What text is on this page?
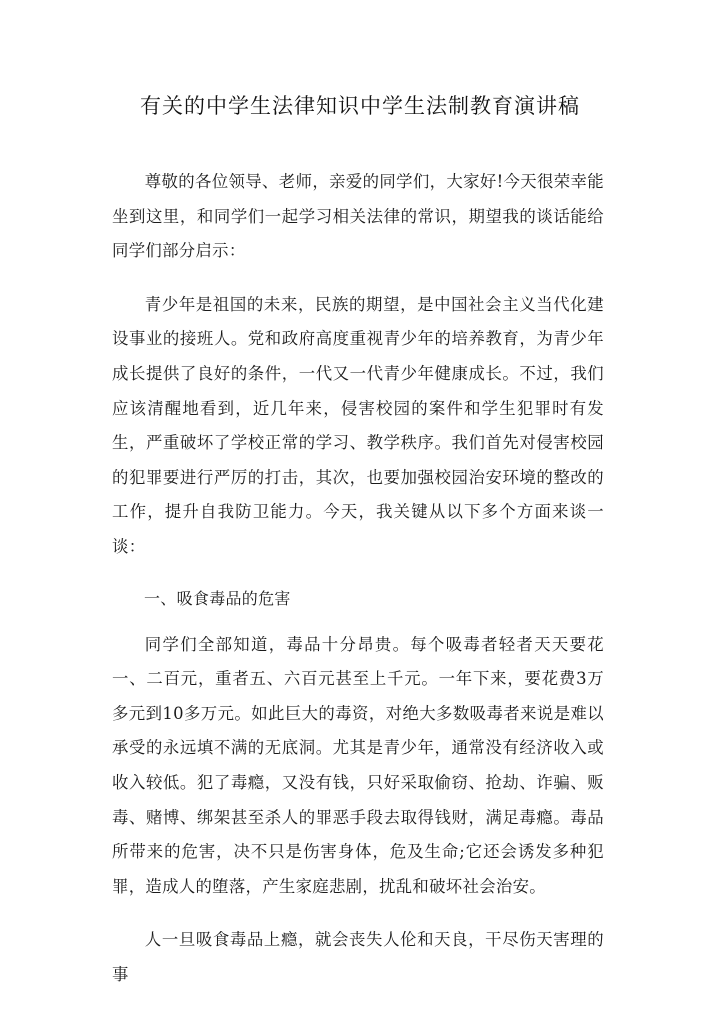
有关的中学生法律知识中学生法制教育演讲稿

尊敬的各位领导、老师，亲爱的同学们，大家好!今天很荣幸能坐到这里，和同学们一起学习相关法律的常识，期望我的谈话能给同学们部分启示：

青少年是祖国的未来，民族的期望，是中国社会主义当代化建设事业的接班人。党和政府高度重视青少年的培养教育，为青少年成长提供了良好的条件，一代又一代青少年健康成长。不过，我们应该清醒地看到，近几年来，侵害校园的案件和学生犯罪时有发生，严重破坏了学校正常的学习、教学秩序。我们首先对侵害校园的犯罪要进行严厉的打击，其次，也要加强校园治安环境的整改的工作，提升自我防卫能力。今天，我关键从以下多个方面来谈一谈：

一、吸食毒品的危害

同学们全部知道，毒品十分昂贵。每个吸毒者轻者天天要花一、二百元，重者五、六百元甚至上千元。一年下来，要花费3万多元到10多万元。如此巨大的毒资，对绝大多数吸毒者来说是难以承受的永远填不满的无底洞。尤其是青少年，通常没有经济收入或收入较低。犯了毒瘾，又没有钱，只好采取偷窃、抢劫、诈骗、贩毒、赌博、绑架甚至杀人的罪恶手段去取得钱财，满足毒瘾。毒品所带来的危害，决不只是伤害身体，危及生命;它还会诱发多种犯罪，造成人的堕落，产生家庭悲剧，扰乱和破坏社会治安。

人一旦吸食毒品上瘾，就会丧失人伦和天良，干尽伤天害理的事
